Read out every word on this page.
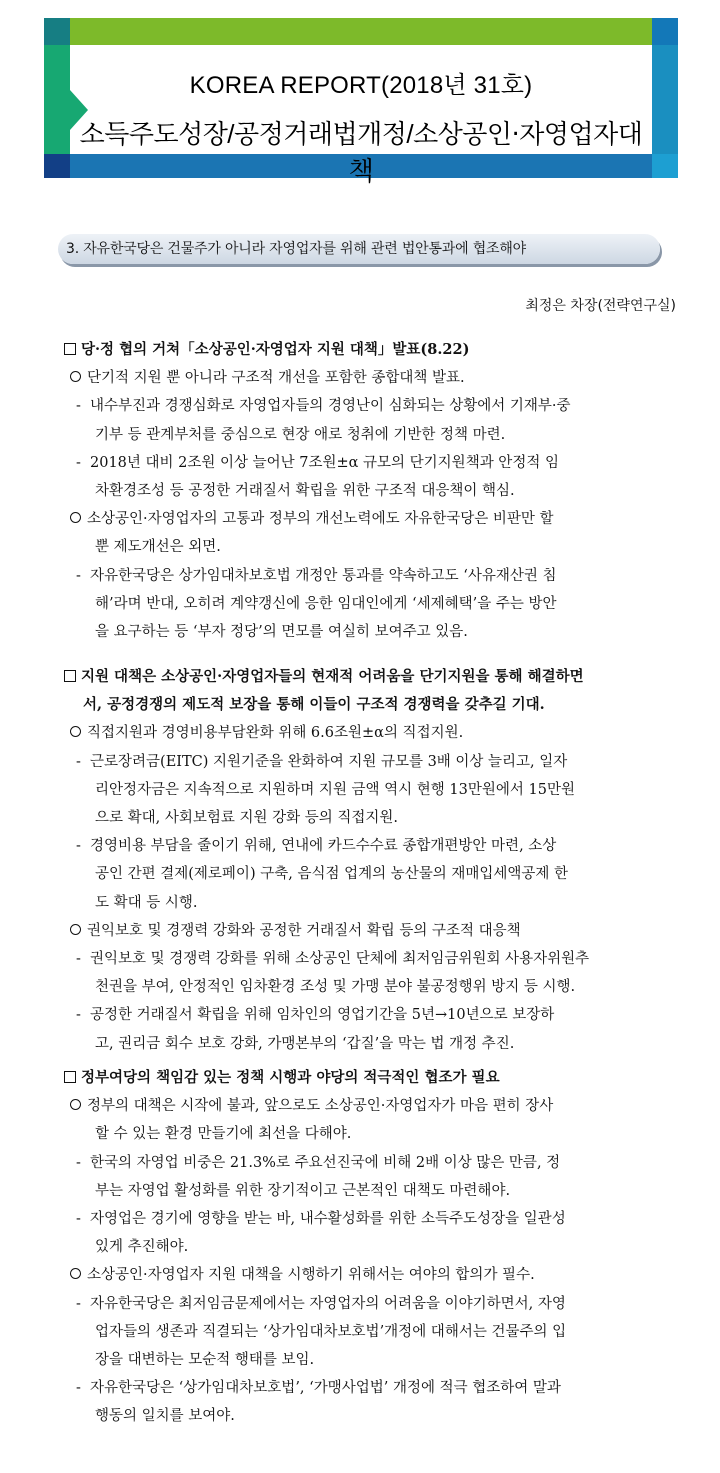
KOREA REPORT(2018년 31호)
소득주도성장/공정거래법개정/소상공인‧자영업자대책
3. 자유한국당은 건물주가 아니라 자영업자를 위해 관련 법안통과에 협조해야
최정은 차장(전략연구실)
당·정 협의 거쳐「소상공인·자영업자 지원 대책」발표(8.22)
단기적 지원 뿐 아니라 구조적 개선을 포함한 종합대책 발표.
- 내수부진과 경쟁심화로 자영업자들의 경영난이 심화되는 상황에서 기재부·중
기부 등 관계부처를 중심으로 현장 애로 청취에 기반한 정책 마련.
- 2018년 대비 2조원 이상 늘어난 7조원±α 규모의 단기지원책과 안정적 임
차환경조성 등 공정한 거래질서 확립을 위한 구조적 대응책이 핵심.
소상공인·자영업자의 고통과 정부의 개선노력에도 자유한국당은 비판만 할
뿐 제도개선은 외면.
- 자유한국당은 상가임대차보호법 개정안 통과를 약속하고도 ‘사유재산권 침
해’라며 반대, 오히려 계약갱신에 응한 임대인에게 ‘세제혜택’을 주는 방안
을 요구하는 등 ‘부자 정당’의 면모를 여실히 보여주고 있음.
지원 대책은 소상공인·자영업자들의 현재적 어려움을 단기지원을 통해 해결하면
서, 공정경쟁의 제도적 보장을 통해 이들이 구조적 경쟁력을 갖추길 기대.
직접지원과 경영비용부담완화 위해 6.6조원±α의 직접지원.
- 근로장려금(EITC) 지원기준을 완화하여 지원 규모를 3배 이상 늘리고, 일자
리안정자금은 지속적으로 지원하며 지원 금액 역시 현행 13만원에서 15만원
으로 확대, 사회보험료 지원 강화 등의 직접지원.
- 경영비용 부담을 줄이기 위해, 연내에 카드수수료 종합개편방안 마련, 소상
공인 간편 결제(제로페이) 구축, 음식점 업계의 농산물의 재매입세액공제 한
도 확대 등 시행.
권익보호 및 경쟁력 강화와 공정한 거래질서 확립 등의 구조적 대응책
- 권익보호 및 경쟁력 강화를 위해 소상공인 단체에 최저임금위원회 사용자위원추
천권을 부여, 안정적인 임차환경 조성 및 가맹 분야 불공정행위 방지 등 시행.
- 공정한 거래질서 확립을 위해 임차인의 영업기간을 5년→10년으로 보장하
고, 권리금 회수 보호 강화, 가맹본부의 ‘갑질’을 막는 법 개정 추진.
정부여당의 책임감 있는 정책 시행과 야당의 적극적인 협조가 필요
정부의 대책은 시작에 불과, 앞으로도 소상공인·자영업자가 마음 편히 장사
할 수 있는 환경 만들기에 최선을 다해야.
- 한국의 자영업 비중은 21.3%로 주요선진국에 비해 2배 이상 많은 만큼, 정
부는 자영업 활성화를 위한 장기적이고 근본적인 대책도 마련해야.
- 자영업은 경기에 영향을 받는 바, 내수활성화를 위한 소득주도성장을 일관성
있게 추진해야.
소상공인·자영업자 지원 대책을 시행하기 위해서는 여야의 합의가 필수.
- 자유한국당은 최저임금문제에서는 자영업자의 어려움을 이야기하면서, 자영
업자들의 생존과 직결되는 ‘상가임대차보호법’개정에 대해서는 건물주의 입
장을 대변하는 모순적 행태를 보임.
- 자유한국당은 ‘상가임대차보호법’, ‘가맹사업법’ 개정에 적극 협조하여 말과
행동의 일치를 보여야.
